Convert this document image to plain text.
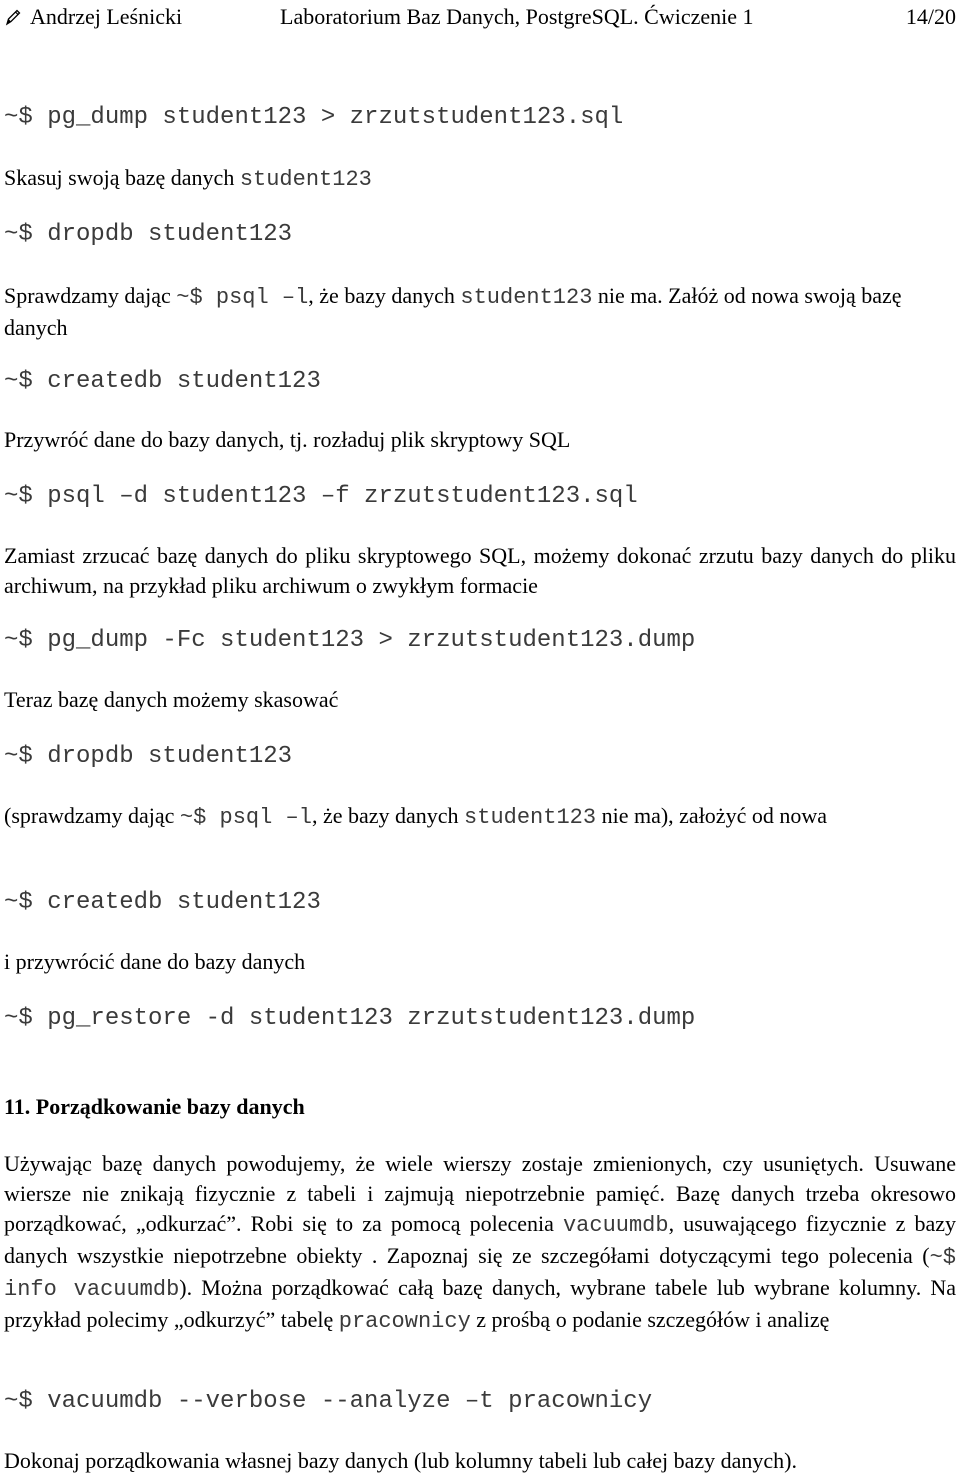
Andrzej Leśnicki	Laboratorium Baz Danych, PostgreSQL. Ćwiczenie 1	14/20
~$ pg_dump student123 > zrzutstudent123.sql
Skasuj swoją bazę danych student123
~$ dropdb student123
Sprawdzamy dając ~$ psql –l, że bazy danych student123 nie ma. Załóż od nowa swoją bazę danych
~$ createdb student123
Przywróć dane do bazy danych, tj. rozładuj plik skryptowy SQL
~$ psql –d student123 –f zrzutstudent123.sql
Zamiast zrzucać bazę danych do pliku skryptowego SQL, możemy dokonać zrzutu bazy danych do pliku archiwum, na przykład pliku archiwum o zwykłym formacie
~$ pg_dump -Fc student123 > zrzutstudent123.dump
Teraz bazę danych możemy skasować
~$ dropdb student123
(sprawdzamy dając ~$ psql –l, że bazy danych student123 nie ma), założyć od nowa
~$ createdb student123
i przywrócić dane do bazy danych
~$ pg_restore -d student123 zrzutstudent123.dump
11. Porządkowanie bazy danych
Używając bazę danych powodujemy, że wiele wierszy zostaje zmienionych, czy usuniętych. Usuwane wiersze nie znikają fizycznie z tabeli i zajmują niepotrzebnie pamięć. Bazę danych trzeba okresowo porządkować, „odkurzać”. Robi się to za pomocą polecenia vacuumdb, usuwającego fizycznie z bazy danych wszystkie niepotrzebne obiekty . Zapoznaj się ze szczegółami dotyczącymi tego polecenia (~$ info vacuumdb). Można porządkować całą bazę danych, wybrane tabele lub wybrane kolumny. Na przykład polecimy „odkurzyć” tabelę pracownicy z prośbą o podanie szczegółów i analizę
~$ vacuumdb --verbose --analyze –t pracownicy
Dokonaj porządkowania własnej bazy danych (lub kolumny tabeli lub całej bazy danych).
